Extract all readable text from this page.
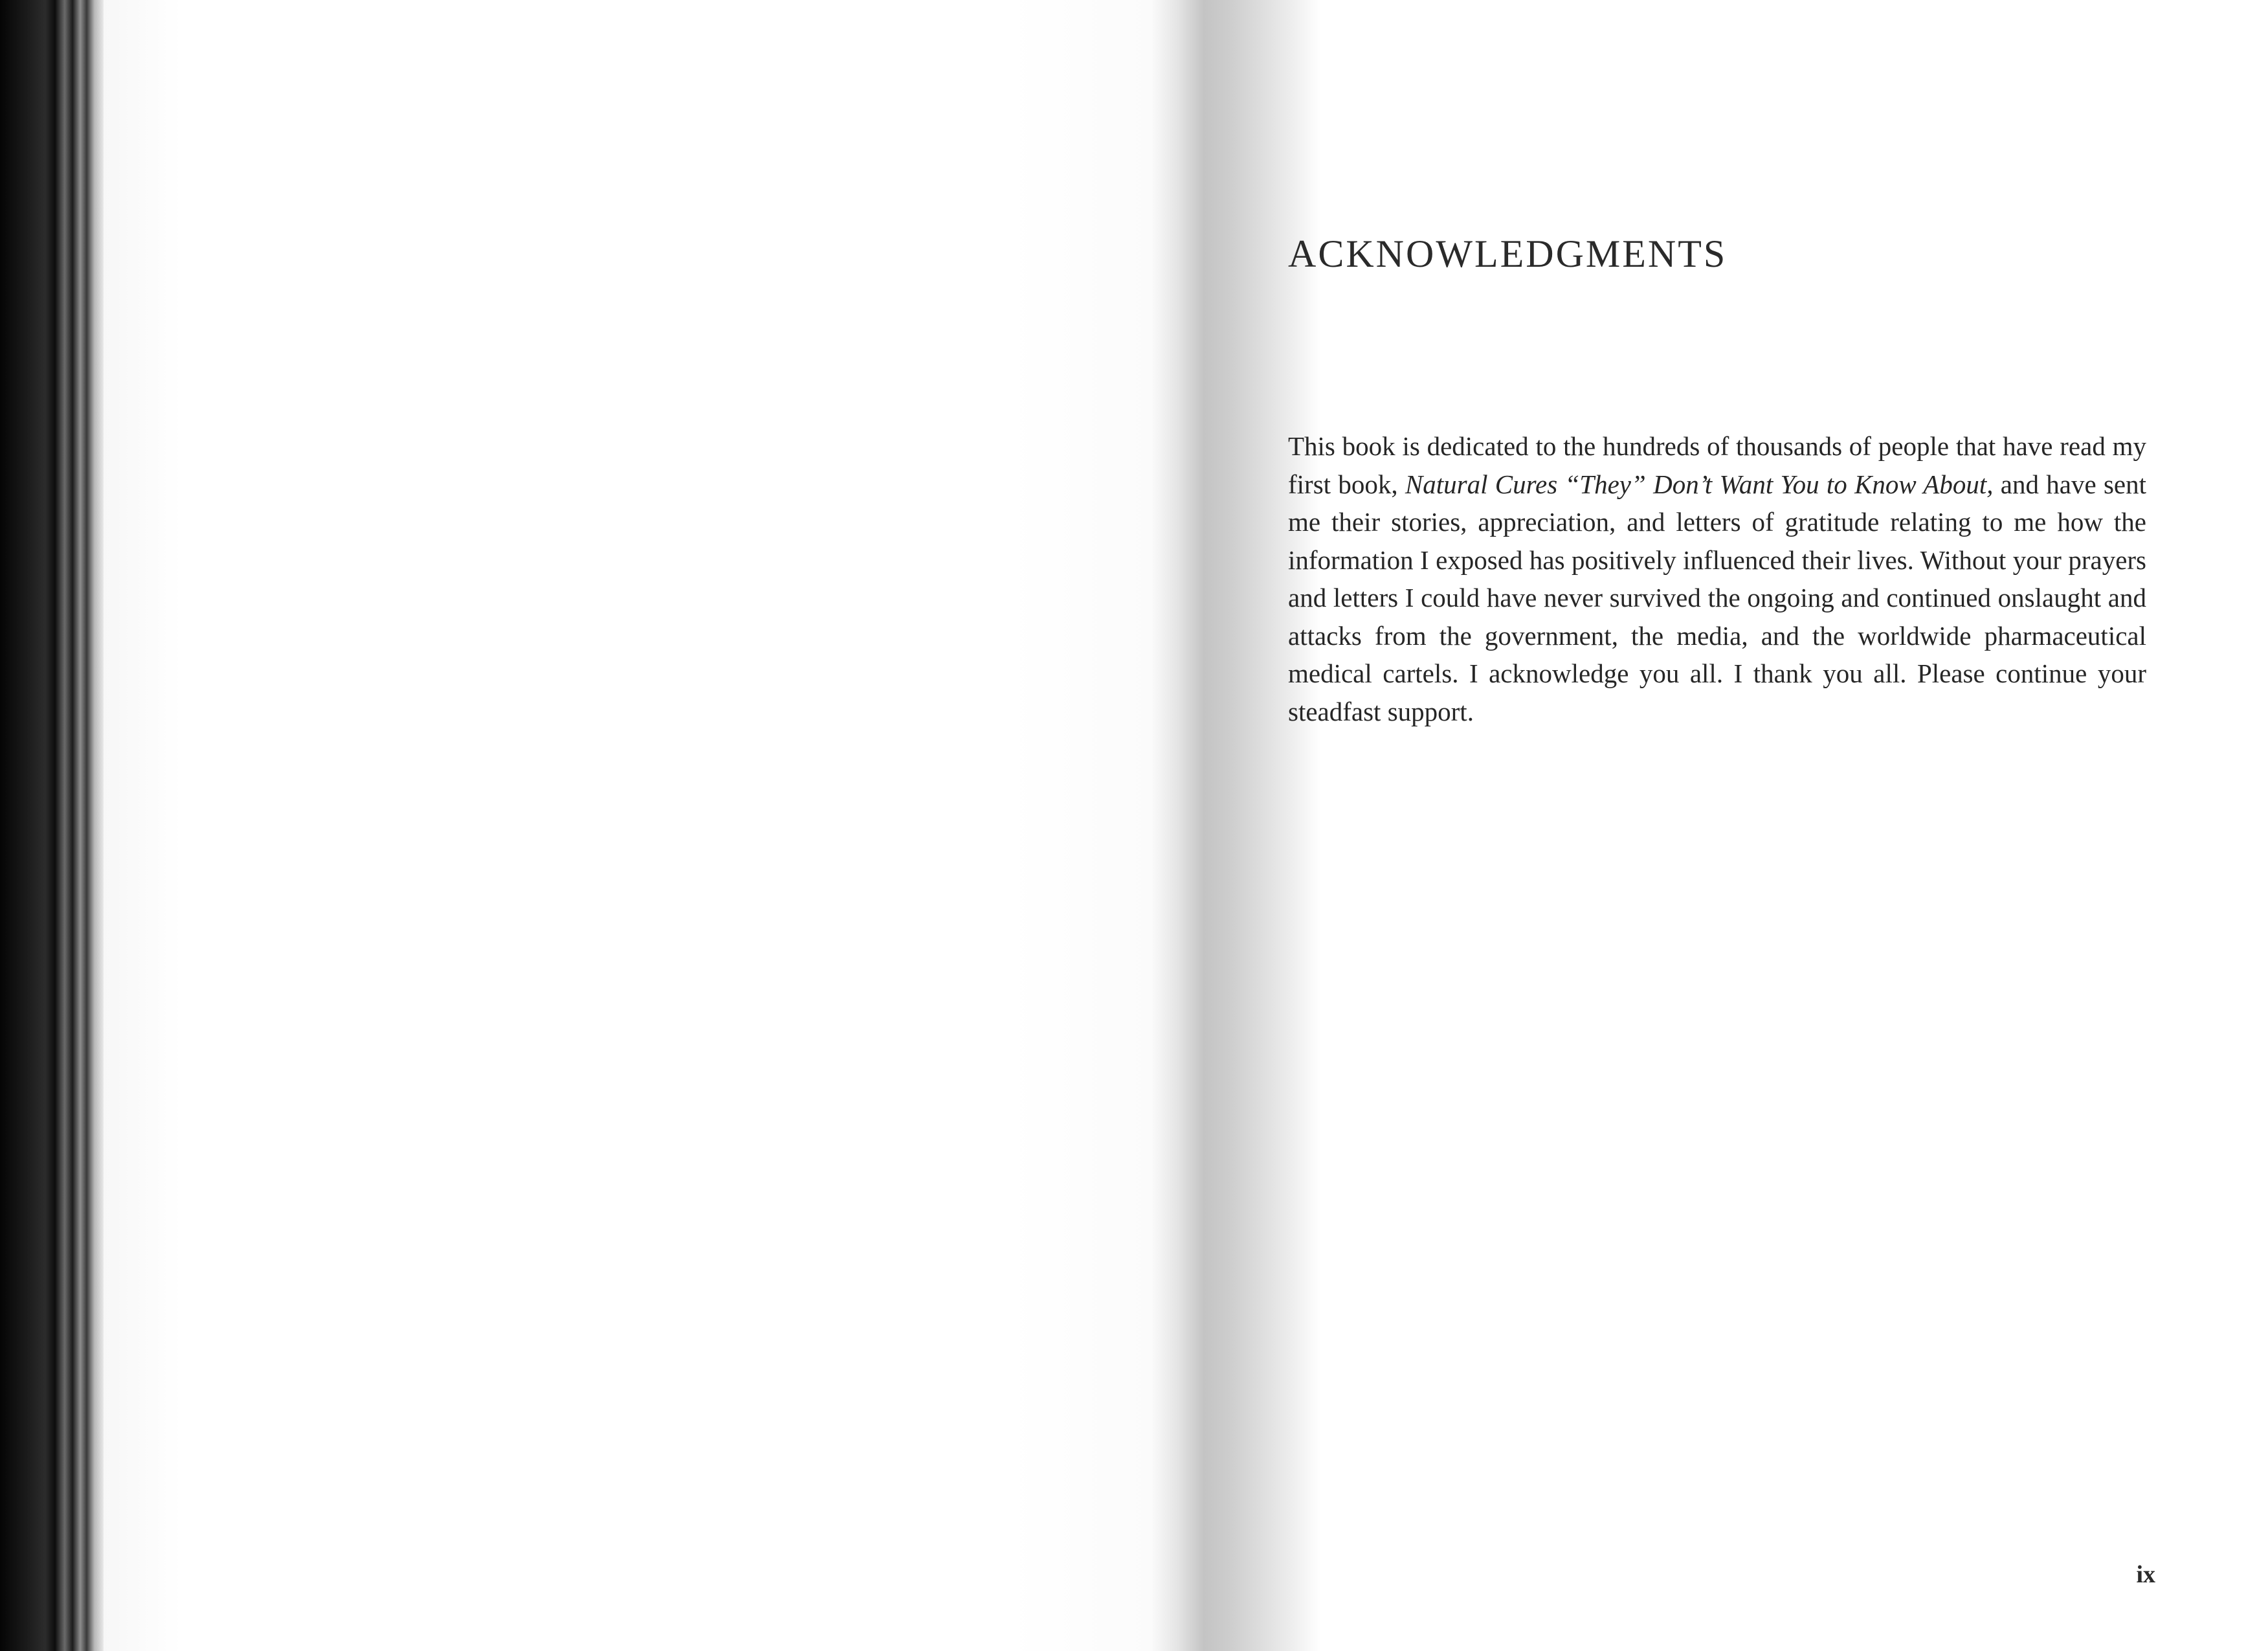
ACKNOWLEDGMENTS

This book is dedicated to the hundreds of thousands of people that have read my first book, Natural Cures “They” Don’t Want You to Know About, and have sent me their stories, appreciation, and letters of gratitude relating to me how the information I exposed has positively influenced their lives. Without your prayers and letters I could have never survived the ongoing and continued onslaught and attacks from the government, the media, and the worldwide pharmaceutical medical cartels. I acknowledge you all. I thank you all. Please continue your steadfast support.

ix
